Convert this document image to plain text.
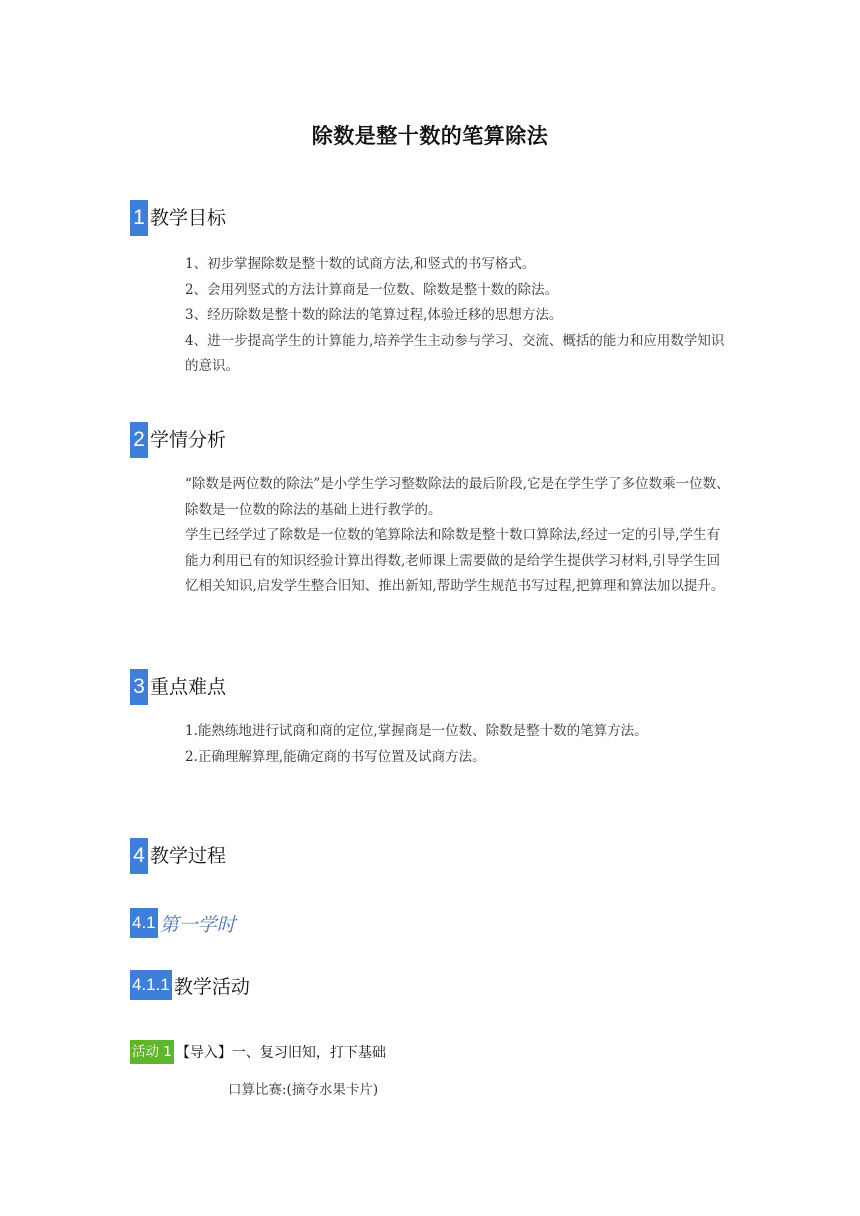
除数是整十数的笔算除法
1 教学目标

1、初步掌握除数是整十数的试商方法,和竖式的书写格式。

2、会用列竖式的方法计算商是一位数、除数是整十数的除法。

3、经历除数是整十数的除法的笔算过程,体验迁移的思想方法。

4、进一步提高学生的计算能力,培养学生主动参与学习、交流、概括的能力和应用数学知识的意识。

2 学情分析

“除数是两位数的除法”是小学生学习整数除法的最后阶段,它是在学生学了多位数乘一位数、除数是一位数的除法的基础上进行教学的。

学生已经学过了除数是一位数的笔算除法和除数是整十数口算除法,经过一定的引导,学生有能力利用已有的知识经验计算出得数,老师课上需要做的是给学生提供学习材料,引导学生回忆相关知识,启发学生整合旧知、推出新知,帮助学生规范书写过程,把算理和算法加以提升。

3 重点难点

1.能熟练地进行试商和商的定位,掌握商是一位数、除数是整十数的笔算方法。

2.正确理解算理,能确定商的书写位置及试商方法。

4 教学过程
4.1 第一学时
4.1.1 教学活动
活动 1 【导入】一、复习旧知，打下基础
口算比赛:(摘夺水果卡片)
